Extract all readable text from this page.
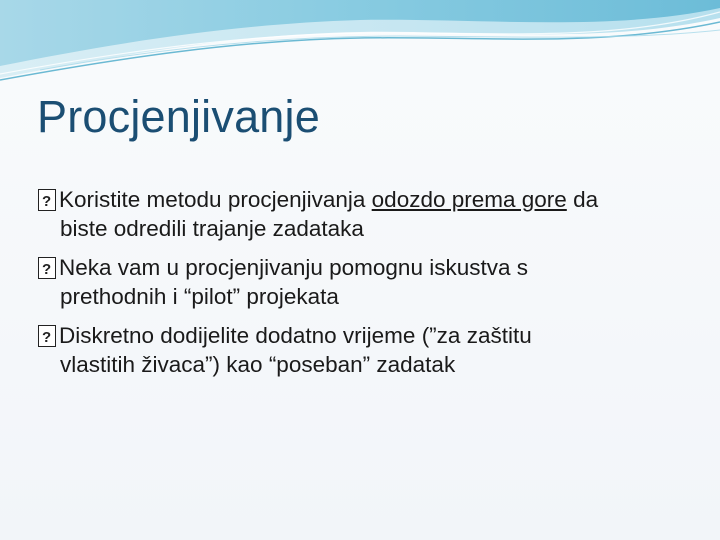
Procjenjivanje
?Koristite metodu procjenjivanja odozdo prema gore da
biste odredili trajanje zadataka
?Neka vam u procjenjivanju pomognu iskustva s
prethodnih i “pilot” projekata
?Diskretno dodijelite dodatno vrijeme (”za zaštitu
vlastitih živaca”) kao “poseban” zadatak
